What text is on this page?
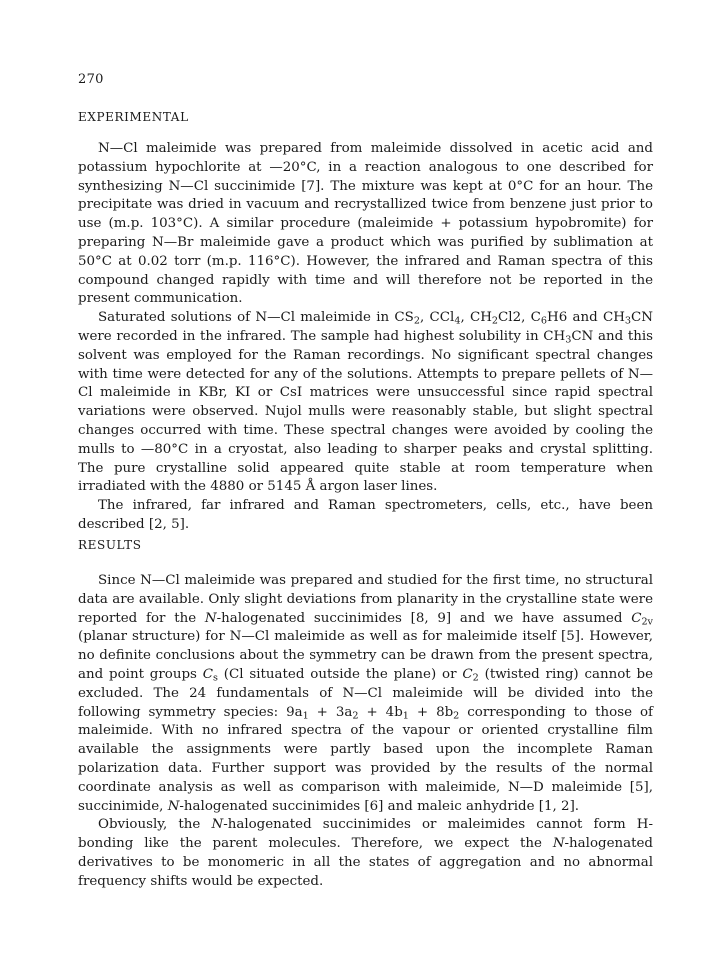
270
EXPERIMENTAL

N—Cl maleimide was prepared from maleimide dissolved in acetic acid and potassium hypochlorite at —20°C, in a reaction analogous to one described for synthesizing N—Cl succinimide [7]. The mixture was kept at 0°C for an hour. The precipitate was dried in vacuum and recrystallized twice from benzene just prior to use (m.p. 103°C). A similar procedure (maleimide + potassium hypobromite) for preparing N—Br maleimide gave a product which was purified by sublimation at 50°C at 0.02 torr (m.p. 116°C). However, the infrared and Raman spectra of this compound changed rapidly with time and will therefore not be reported in the present communication.

Saturated solutions of N—Cl maleimide in $CS_2$, CCl$_4$, $CH_2Cl2$, $C_6H6$ and $CH_3CN$ were recorded in the infrared. The sample had highest solubility in $CH_3CN$ and this solvent was employed for the Raman recordings. No significant spectral changes with time were detected for any of the solutions. Attempts to prepare pellets of N—Cl maleimide in KBr, KI or CsI matrices were unsuccessful since rapid spectral variations were observed. Nujol mulls were reasonably stable, but slight spectral changes occurred with time. These spectral changes were avoided by cooling the mulls to —80°C in a cryostat, also leading to sharper peaks and crystal splitting. The pure crystalline solid appeared quite stable at room temperature when irradiated with the 4880 or 5145 Å argon laser lines.

The infrared, far infrared and Raman spectrometers, cells, etc., have been described [2, 5].

RESULTS

Since N—Cl maleimide was prepared and studied for the first time, no structural data are available. Only slight deviations from planarity in the crystalline state were reported for the N-halogenated succinimides [8, 9] and we have assumed $C_{2v}$ (planar structure) for N—Cl maleimide as well as for maleimide itself [5]. However, no definite conclusions about the symmetry can be drawn from the present spectra, and point groups $C_s$ (Cl situated outside the plane) or $C_2$ (twisted ring) cannot be excluded. The 24 fundamentals of N—Cl maleimide will be divided into the following symmetry species: $9a_1 + 3a_2 + 4b_1 + 8b_2$ corresponding to those of maleimide. With no infrared spectra of the vapour or oriented crystalline film available the assignments were partly based upon the incomplete Raman polarization data. Further support was provided by the results of the normal coordinate analysis as well as comparison with maleimide, N—D maleimide [5], succinimide, N-halogenated succinimides [6] and maleic anhydride [1, 2].

Obviously, the N-halogenated succinimides or maleimides cannot form H-bonding like the parent molecules. Therefore, we expect the N-halogenated derivatives to be monomeric in all the states of aggregation and no abnormal frequency shifts would be expected.
